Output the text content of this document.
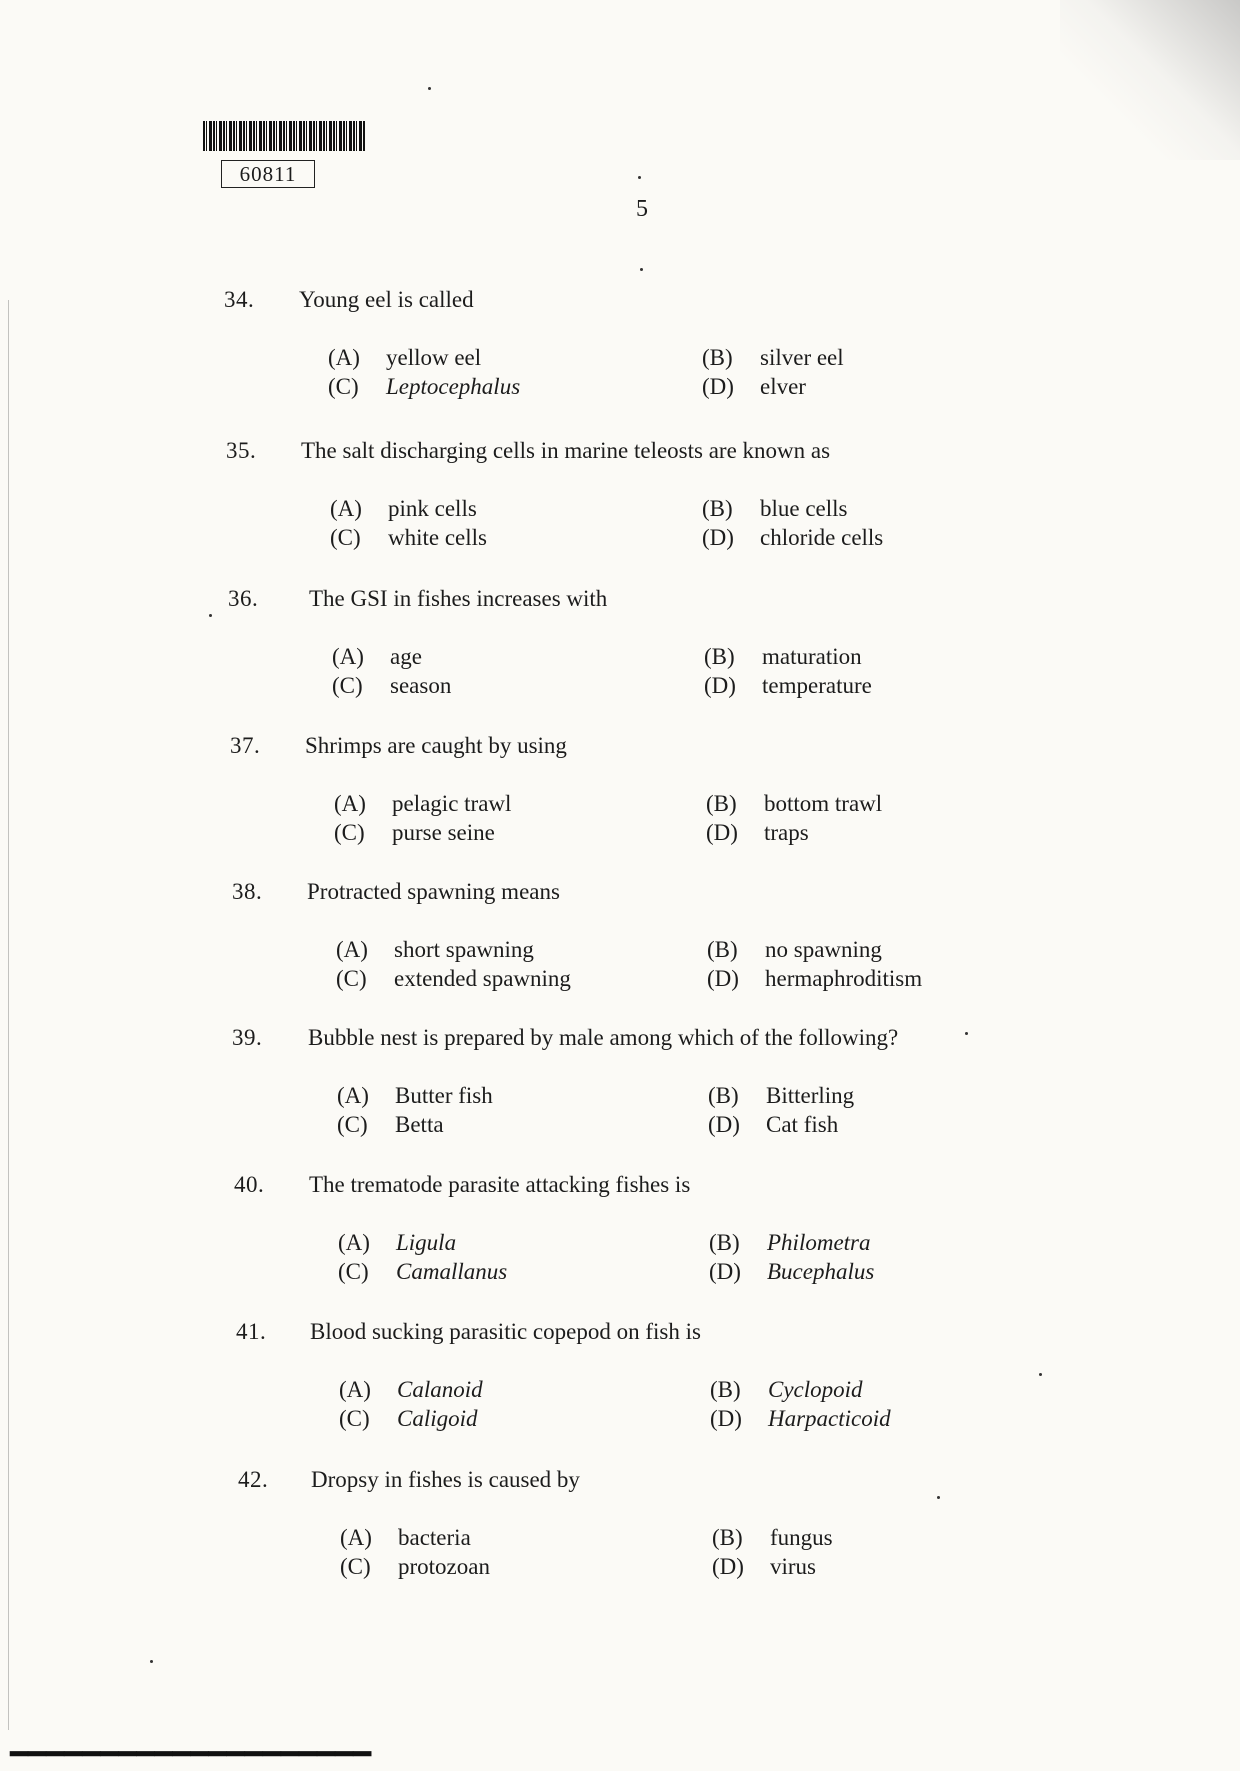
60811
5
34. Young eel is called
(A) yellow eel	(B) silver eel
(C) Leptocephalus	(D) elver
35. The salt discharging cells in marine teleosts are known as
(A) pink cells	(B) blue cells
(C) white cells	(D) chloride cells
36. The GSI in fishes increases with
(A) age	(B) maturation
(C) season	(D) temperature
37. Shrimps are caught by using
(A) pelagic trawl	(B) bottom trawl
(C) purse seine	(D) traps
38. Protracted spawning means
(A) short spawning	(B) no spawning
(C) extended spawning	(D) hermaphroditism
39. Bubble nest is prepared by male among which of the following?
(A) Butter fish	(B) Bitterling
(C) Betta	(D) Cat fish
40. The trematode parasite attacking fishes is
(A) Ligula	(B) Philometra
(C) Camallanus	(D) Bucephalus
41. Blood sucking parasitic copepod on fish is
(A) Calanoid	(B) Cyclopoid
(C) Caligoid	(D) Harpacticoid
42. Dropsy in fishes is caused by
(A) bacteria	(B) fungus
(C) protozoan	(D) virus
━━━━━━━━━━━━━━━━━━━━
